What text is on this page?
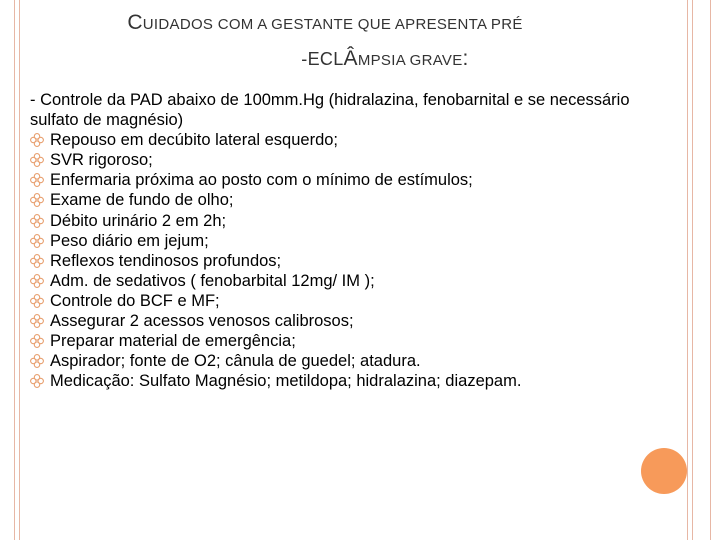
CUIDADOS COM A GESTANTE QUE APRESENTA PRÉ
-ECLÂMPSIA GRAVE:

- Controle da PAD abaixo de 100mm.Hg (hidralazina, fenobarnital e se necessário sulfato de magnésio)

Repouso em decúbito lateral esquerdo;
SVR rigoroso;
Enfermaria próxima ao posto com o mínimo de estímulos;
Exame de fundo de olho;
Débito urinário 2 em 2h;
Peso diário em jejum;
Reflexos tendinosos profundos;
Adm. de sedativos ( fenobarbital 12mg/ IM );
Controle do BCF e MF;
Assegurar 2 acessos venosos calibrosos;
Preparar material de emergência;
Aspirador; fonte de O2; cânula de guedel; atadura.
Medicação: Sulfato Magnésio; metildopa; hidralazina; diazepam.
